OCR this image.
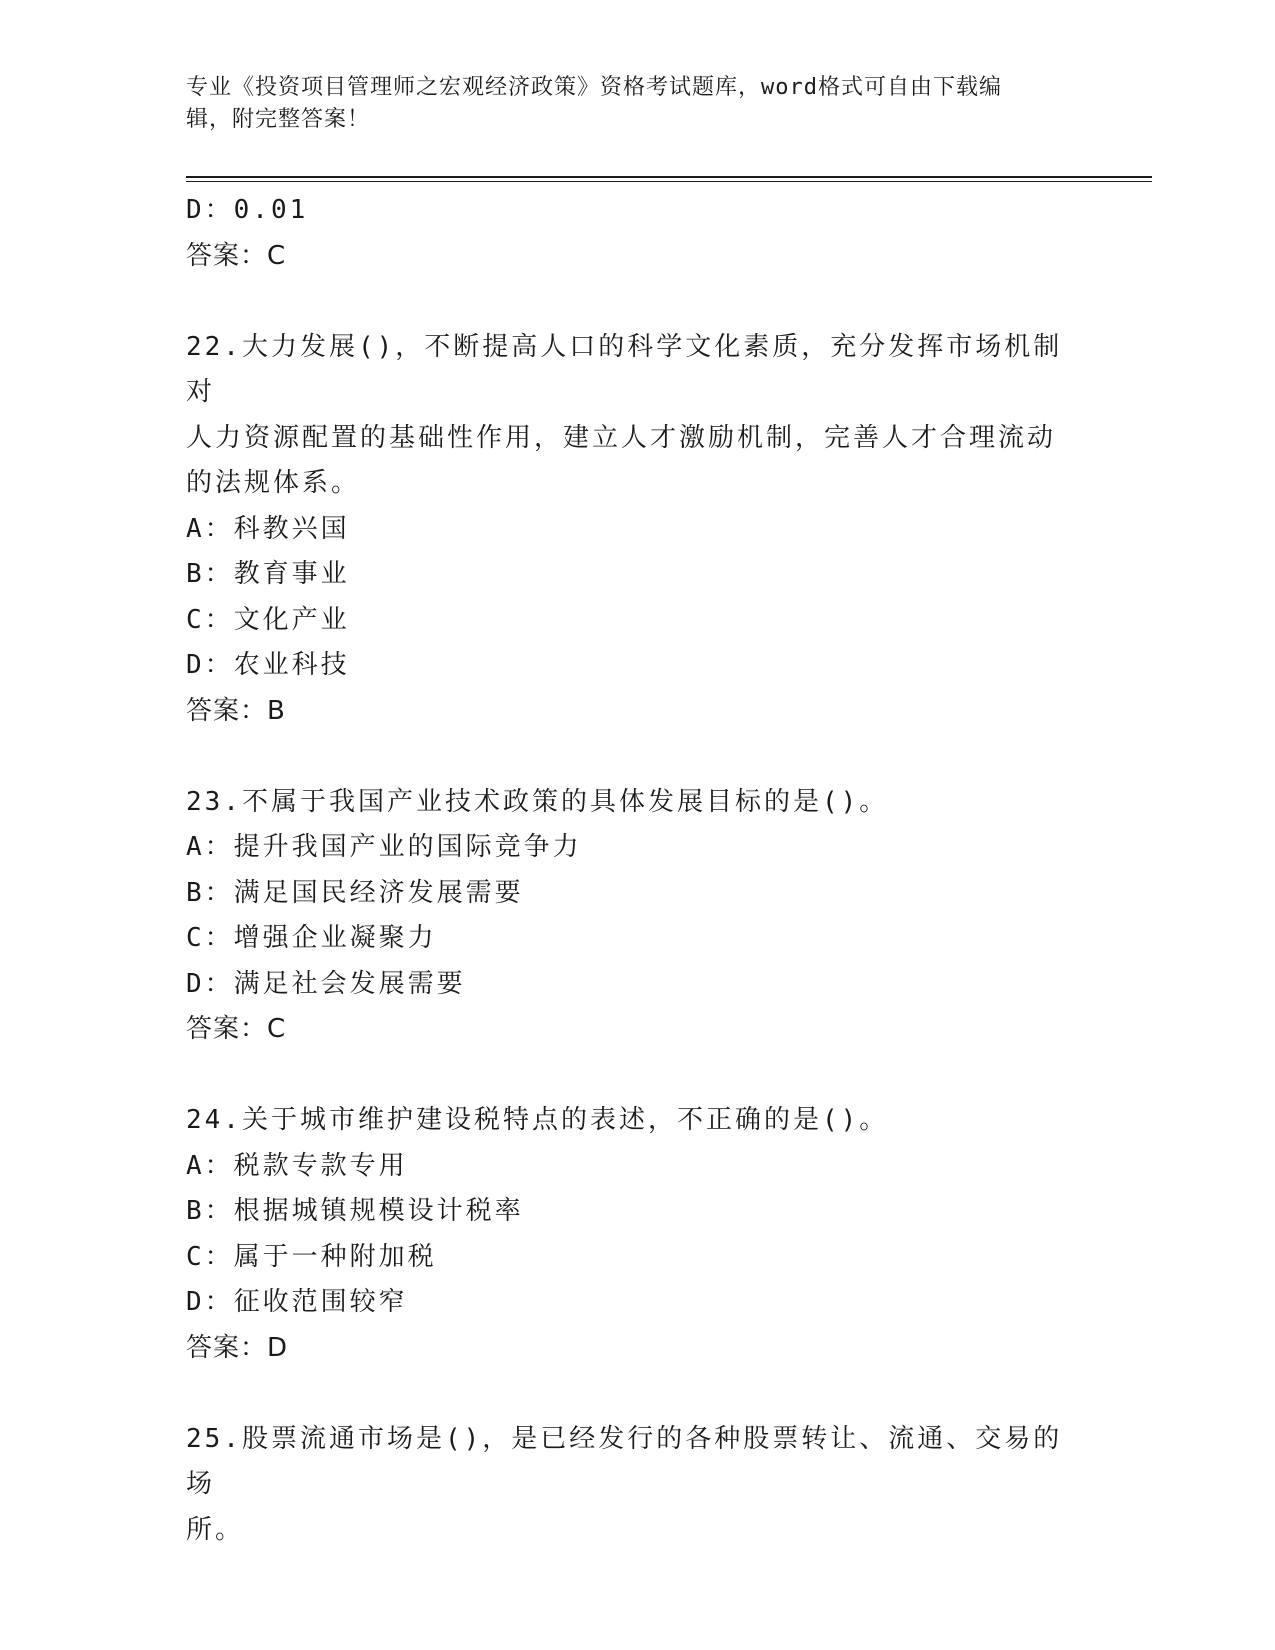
专业《投资项目管理师之宏观经济政策》资格考试题库，word格式可自由下载编
辑，附完整答案！

D：0.01

答案：C

22.大力发展()，不断提高人口的科学文化素质，充分发挥市场机制对

人力资源配置的基础性作用，建立人才激励机制，完善人才合理流动

的法规体系。

A：科教兴国

B：教育事业

C：文化产业

D：农业科技

答案：B

23.不属于我国产业技术政策的具体发展目标的是()。

A：提升我国产业的国际竞争力

B：满足国民经济发展需要

C：增强企业凝聚力

D：满足社会发展需要

答案：C

24.关于城市维护建设税特点的表述，不正确的是()。

A：税款专款专用

B：根据城镇规模设计税率

C：属于一种附加税

D：征收范围较窄

答案：D

25.股票流通市场是()，是已经发行的各种股票转让、流通、交易的场

所。
